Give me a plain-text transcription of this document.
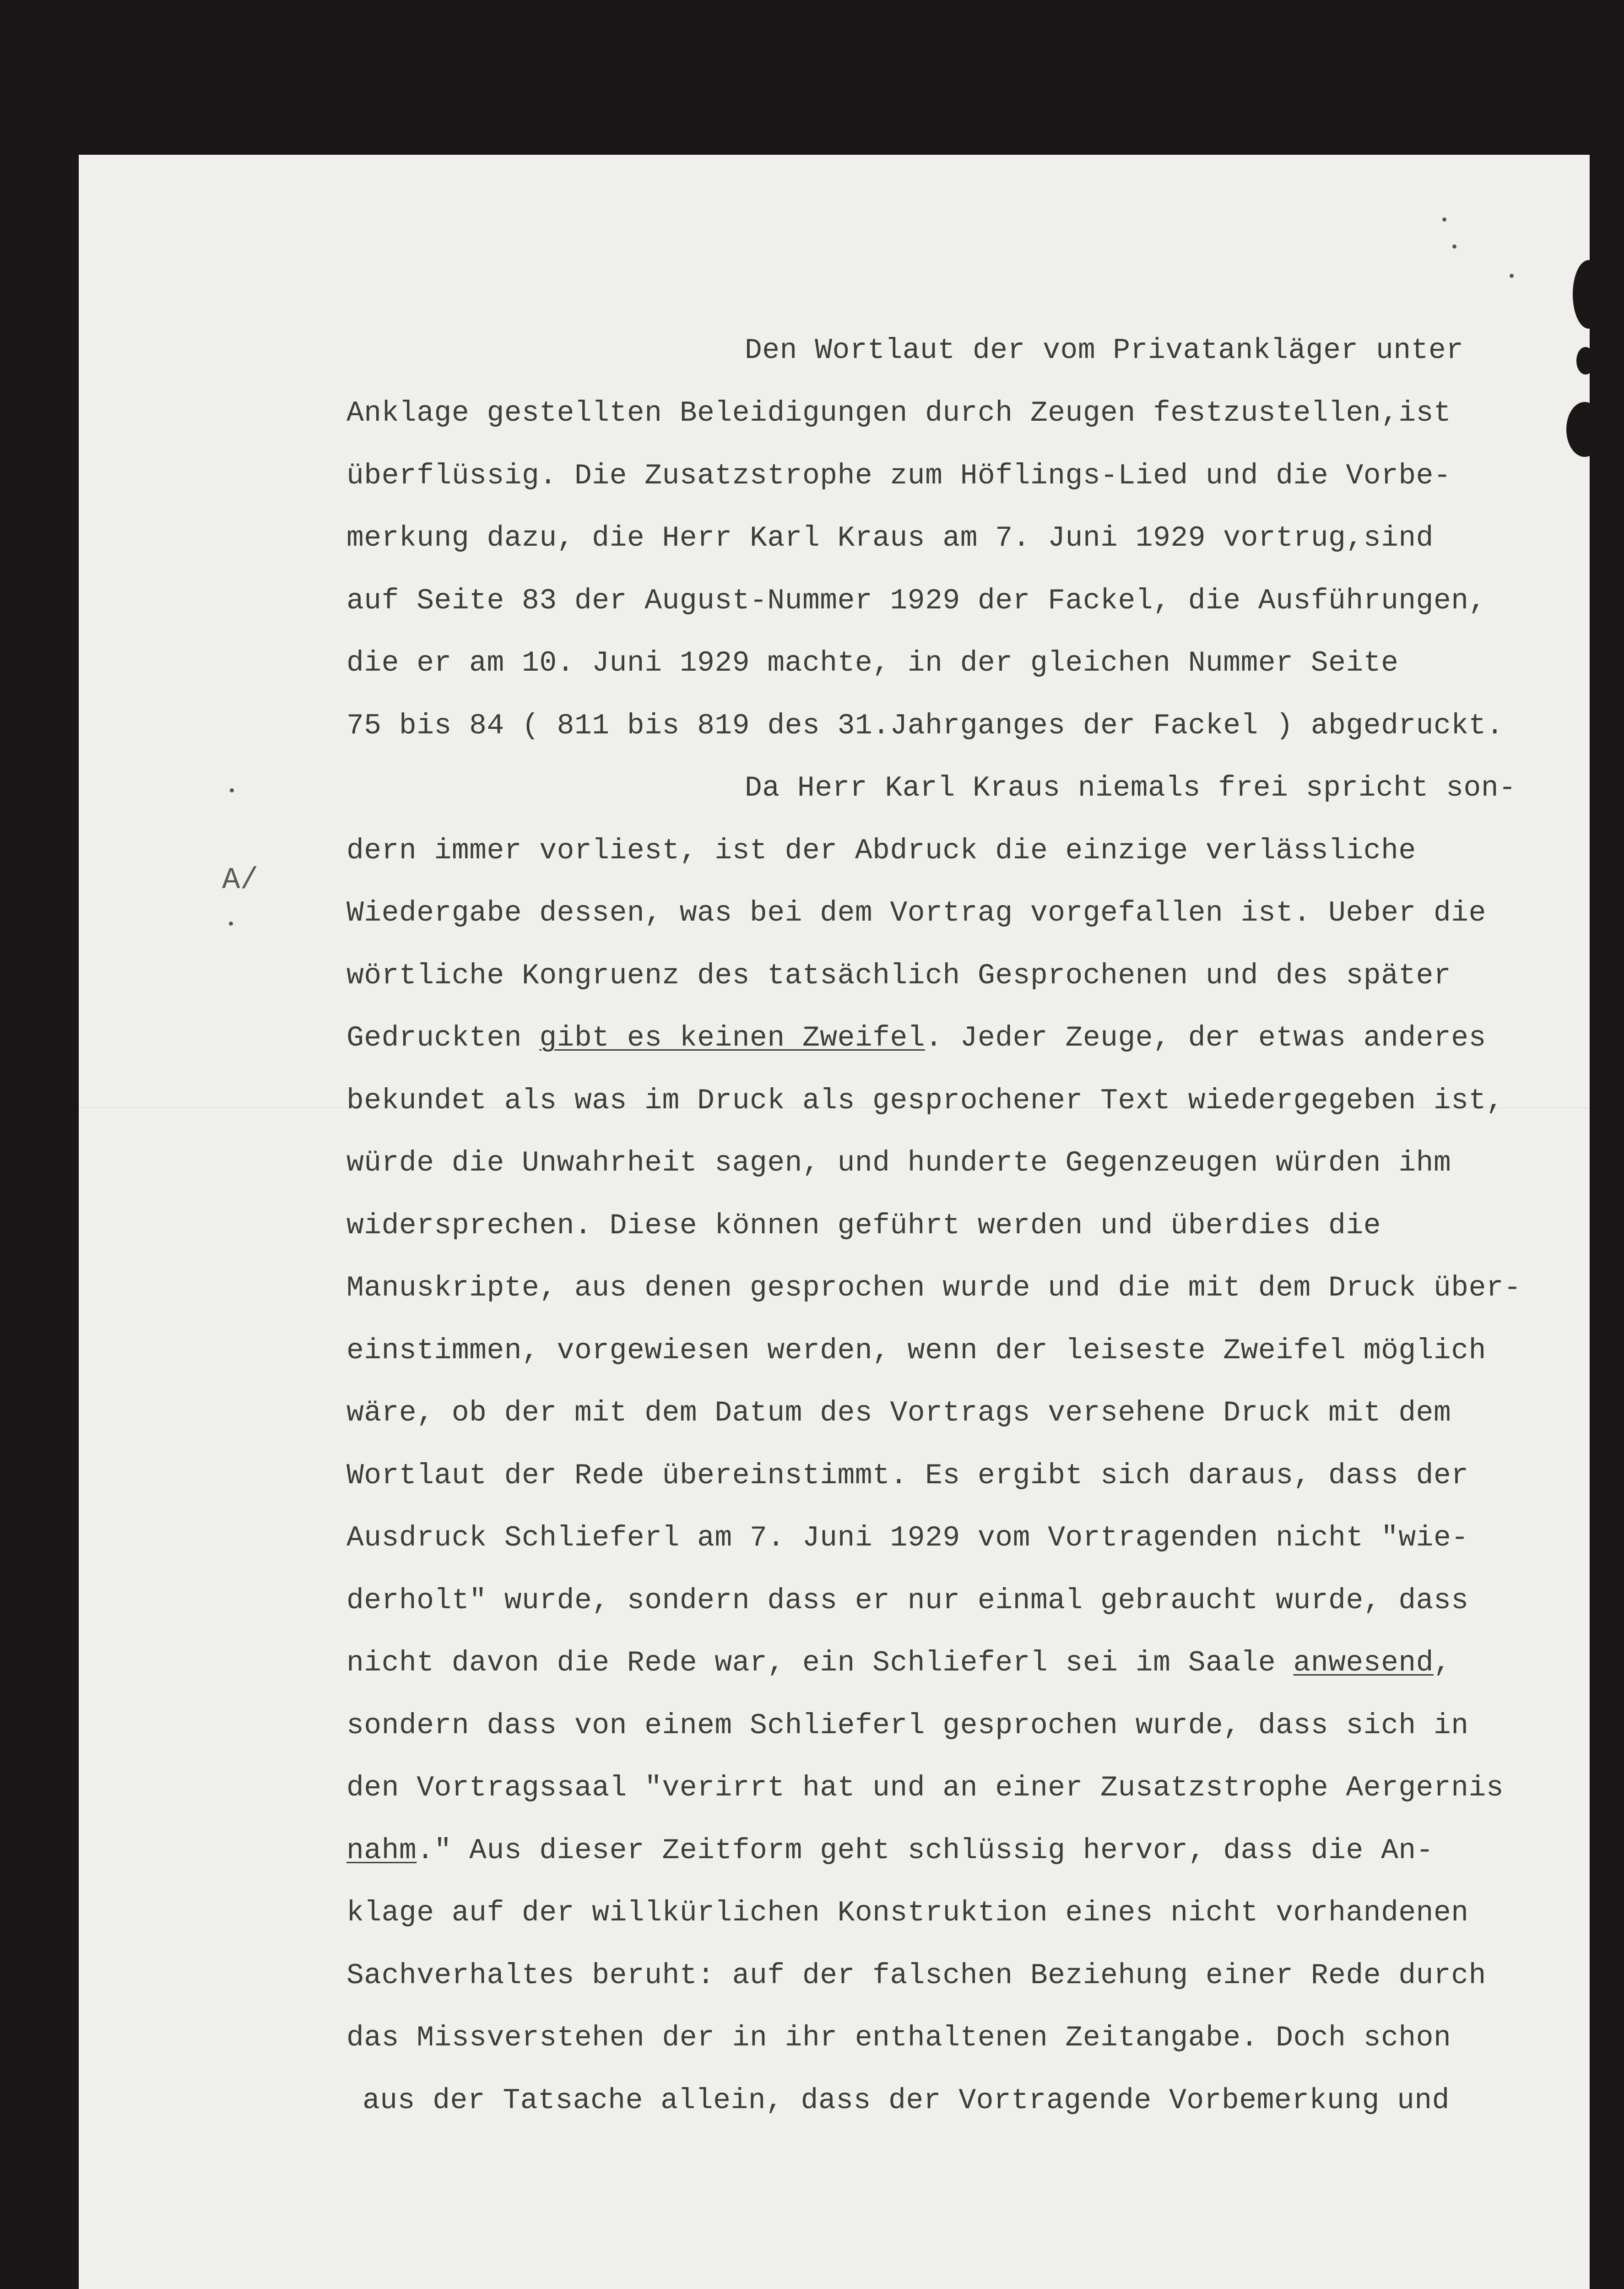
A/
Den Wortlaut der vom Privatankläger unter
Anklage gestellten Beleidigungen durch Zeugen festzustellen,ist
überflüssig. Die Zusatzstrophe zum Höflings-Lied und die Vorbe-
merkung dazu, die Herr Karl Kraus am 7. Juni 1929 vortrug,sind
auf Seite 83 der August-Nummer 1929 der Fackel, die Ausführungen,
die er am 10. Juni 1929 machte, in der gleichen Nummer Seite
75 bis 84 ( 811 bis 819 des 31.Jahrganges der Fackel ) abgedruckt.
Da Herr Karl Kraus niemals frei spricht son-
dern immer vorliest, ist der Abdruck die einzige verlässliche
Wiedergabe dessen, was bei dem Vortrag vorgefallen ist. Ueber die
wörtliche Kongruenz des tatsächlich Gesprochenen und des später
Gedruckten gibt es keinen Zweifel. Jeder Zeuge, der etwas anderes
bekundet als was im Druck als gesprochener Text wiedergegeben ist,
würde die Unwahrheit sagen, und hunderte Gegenzeugen würden ihm
widersprechen. Diese können geführt werden und überdies die
Manuskripte, aus denen gesprochen wurde und die mit dem Druck über-
einstimmen, vorgewiesen werden, wenn der leiseste Zweifel möglich
wäre, ob der mit dem Datum des Vortrags versehene Druck mit dem
Wortlaut der Rede übereinstimmt. Es ergibt sich daraus, dass der
Ausdruck Schlieferl am 7. Juni 1929 vom Vortragenden nicht "wie-
derholt" wurde, sondern dass er nur einmal gebraucht wurde, dass
nicht davon die Rede war, ein Schlieferl sei im Saale anwesend,
sondern dass von einem Schlieferl gesprochen wurde, dass sich in
den Vortragssaal "verirrt hat und an einer Zusatzstrophe Aergernis
nahm." Aus dieser Zeitform geht schlüssig hervor, dass die An-
klage auf der willkürlichen Konstruktion eines nicht vorhandenen
Sachverhaltes beruht: auf der falschen Beziehung einer Rede durch
das Missverstehen der in ihr enthaltenen Zeitangabe. Doch schon
aus der Tatsache allein, dass der Vortragende Vorbemerkung und
